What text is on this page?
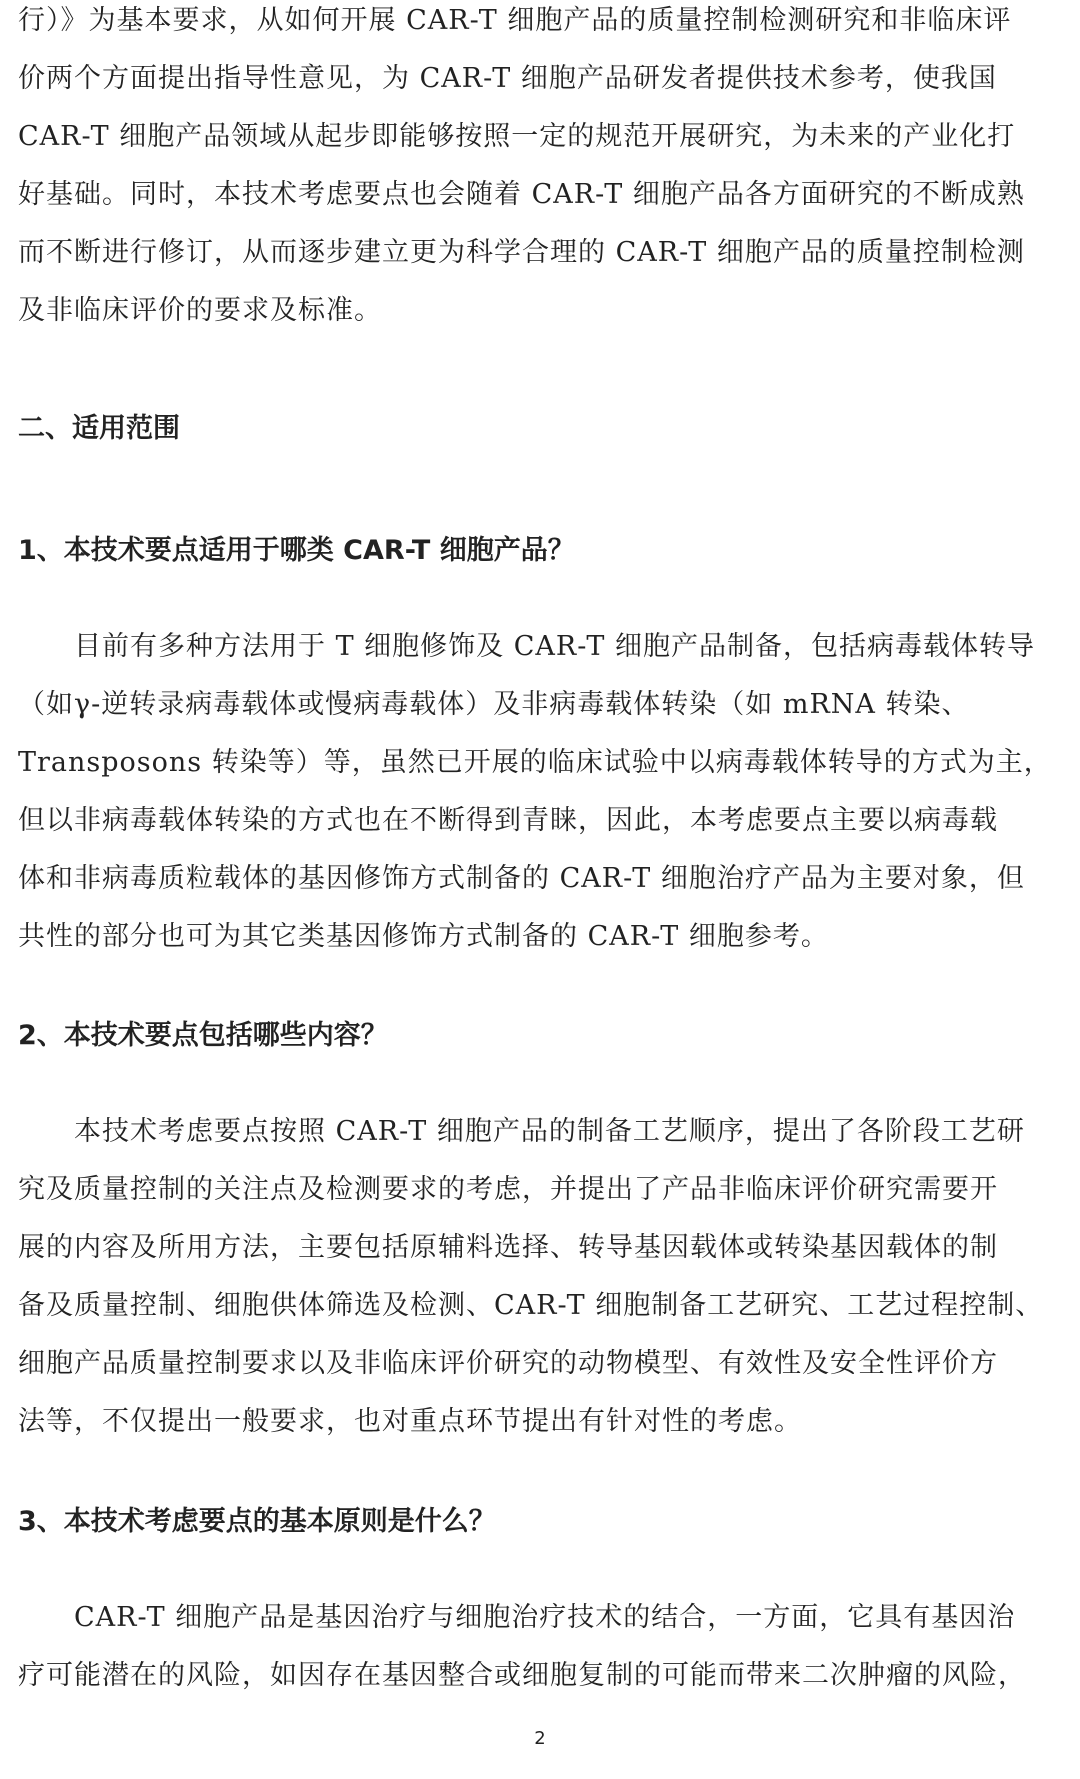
行）》为基本要求，从如何开展 CAR-T 细胞产品的质量控制检测研究和非临床评

价两个方面提出指导性意见，为 CAR-T 细胞产品研发者提供技术参考，使我国

CAR-T 细胞产品领域从起步即能够按照一定的规范开展研究，为未来的产业化打

好基础。同时，本技术考虑要点也会随着 CAR-T 细胞产品各方面研究的不断成熟

而不断进行修订，从而逐步建立更为科学合理的 CAR-T 细胞产品的质量控制检测

及非临床评价的要求及标准。

二、适用范围
1、本技术要点适用于哪类 CAR-T 细胞产品？

目前有多种方法用于 T 细胞修饰及 CAR-T 细胞产品制备，包括病毒载体转导

（如γ-逆转录病毒载体或慢病毒载体）及非病毒载体转染（如 mRNA 转染、

Transposons 转染等）等，虽然已开展的临床试验中以病毒载体转导的方式为主，

但以非病毒载体转染的方式也在不断得到青睐，因此，本考虑要点主要以病毒载

体和非病毒质粒载体的基因修饰方式制备的 CAR-T 细胞治疗产品为主要对象，但

共性的部分也可为其它类基因修饰方式制备的 CAR-T 细胞参考。

2、本技术要点包括哪些内容？

本技术考虑要点按照 CAR-T 细胞产品的制备工艺顺序，提出了各阶段工艺研

究及质量控制的关注点及检测要求的考虑，并提出了产品非临床评价研究需要开

展的内容及所用方法，主要包括原辅料选择、转导基因载体或转染基因载体的制

备及质量控制、细胞供体筛选及检测、CAR-T 细胞制备工艺研究、工艺过程控制、

细胞产品质量控制要求以及非临床评价研究的动物模型、有效性及安全性评价方

法等，不仅提出一般要求，也对重点环节提出有针对性的考虑。

3、本技术考虑要点的基本原则是什么？

CAR-T 细胞产品是基因治疗与细胞治疗技术的结合，一方面，它具有基因治

疗可能潜在的风险，如因存在基因整合或细胞复制的可能而带来二次肿瘤的风险，

2
